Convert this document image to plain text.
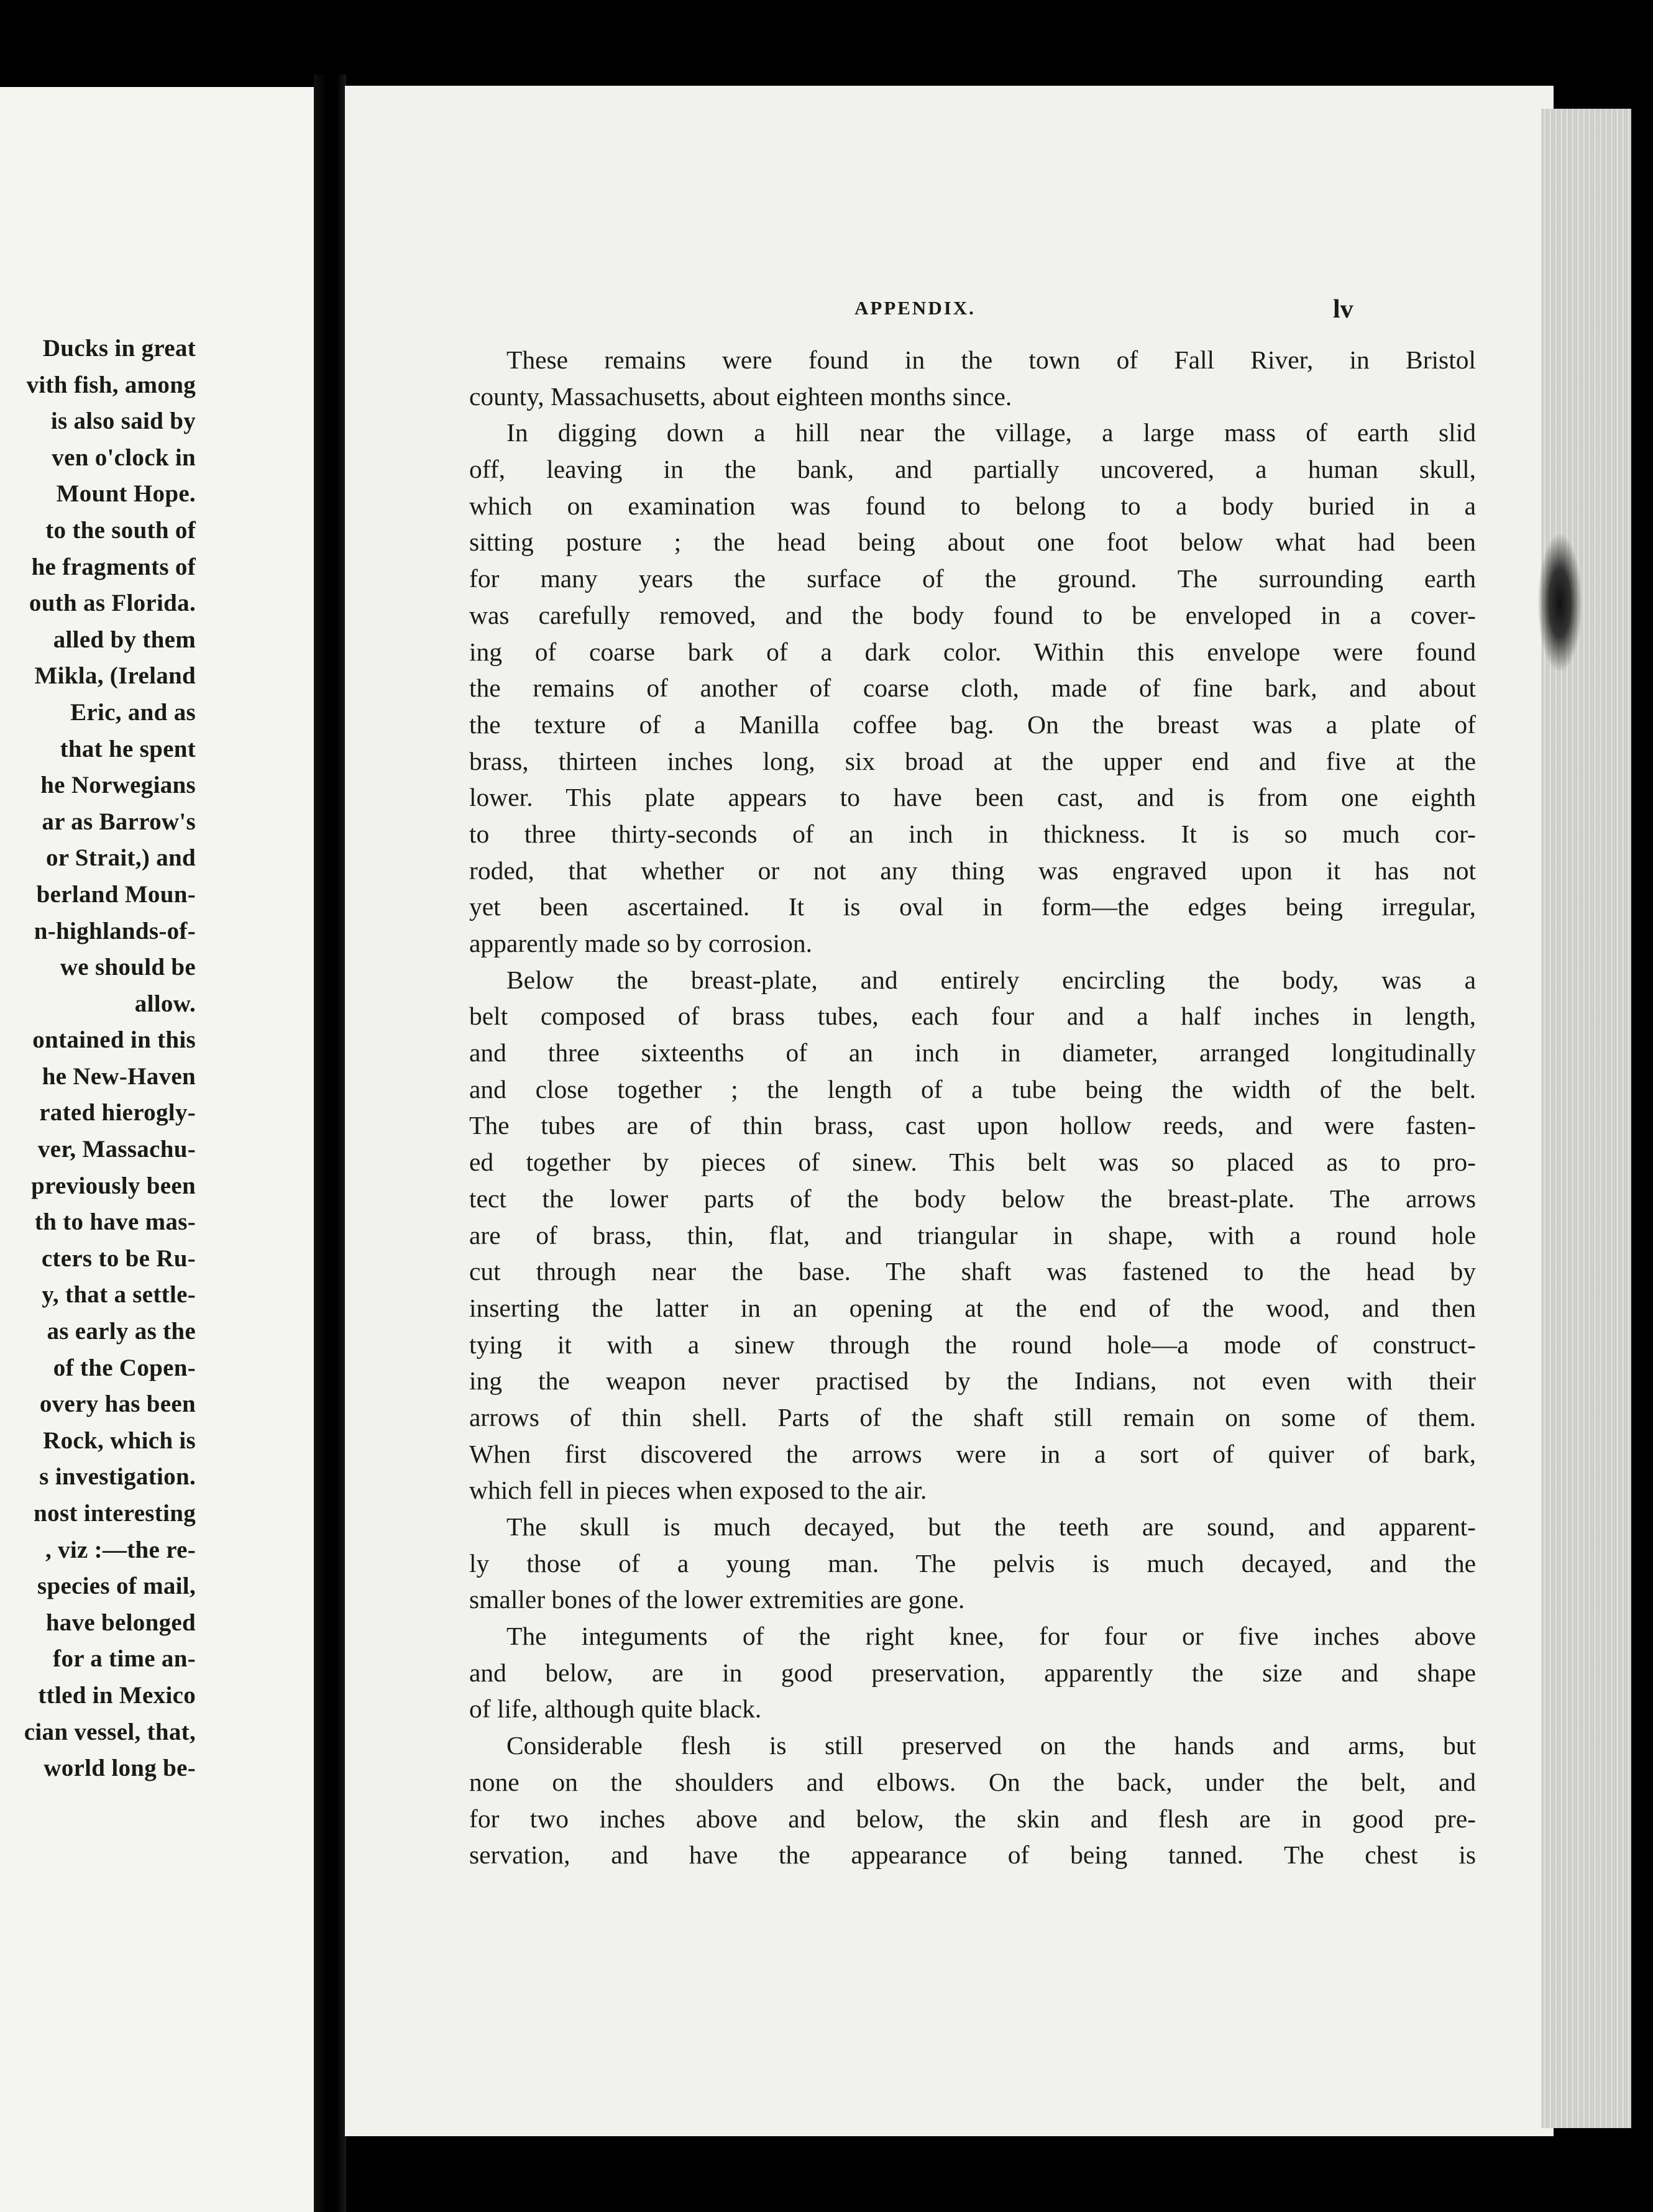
Ducks in great
vith fish, among
is also said by
ven o'clock in
Mount Hope.
to the south of
he fragments of
outh as Florida.
alled by them
Mikla, (Ireland
Eric, and as
that he spent
he Norwegians
ar as Barrow's
or Strait,) and
berland Moun-
n-highlands-of-
we should be
allow.
ontained in this
he New-Haven
rated hierogly-
ver, Massachu-
previously been
th to have mas-
cters to be Ru-
y, that a settle-
as early as the
of the Copen-
overy has been
Rock, which is
s investigation.
nost interesting
, viz :—the re-
species of mail,
have belonged
for a time an-
ttled in Mexico
cian vessel, that,
world long be-
APPENDIX.	lv
These remains were found in the town of Fall River, in Bristol
county, Massachusetts, about eighteen months since.
In digging down a hill near the village, a large mass of earth slid
off, leaving in the bank, and partially uncovered, a human skull,
which on examination was found to belong to a body buried in a
sitting posture ; the head being about one foot below what had been
for many years the surface of the ground. The surrounding earth
was carefully removed, and the body found to be enveloped in a cover-
ing of coarse bark of a dark color. Within this envelope were found
the remains of another of coarse cloth, made of fine bark, and about
the texture of a Manilla coffee bag. On the breast was a plate of
brass, thirteen inches long, six broad at the upper end and five at the
lower. This plate appears to have been cast, and is from one eighth
to three thirty-seconds of an inch in thickness. It is so much cor-
roded, that whether or not any thing was engraved upon it has not
yet been ascertained. It is oval in form—the edges being irregular,
apparently made so by corrosion.
Below the breast-plate, and entirely encircling the body, was a
belt composed of brass tubes, each four and a half inches in length,
and three sixteenths of an inch in diameter, arranged longitudinally
and close together ; the length of a tube being the width of the belt.
The tubes are of thin brass, cast upon hollow reeds, and were fasten-
ed together by pieces of sinew. This belt was so placed as to pro-
tect the lower parts of the body below the breast-plate. The arrows
are of brass, thin, flat, and triangular in shape, with a round hole
cut through near the base. The shaft was fastened to the head by
inserting the latter in an opening at the end of the wood, and then
tying it with a sinew through the round hole—a mode of construct-
ing the weapon never practised by the Indians, not even with their
arrows of thin shell. Parts of the shaft still remain on some of them.
When first discovered the arrows were in a sort of quiver of bark,
which fell in pieces when exposed to the air.
The skull is much decayed, but the teeth are sound, and apparent-
ly those of a young man. The pelvis is much decayed, and the
smaller bones of the lower extremities are gone.
The integuments of the right knee, for four or five inches above
and below, are in good preservation, apparently the size and shape
of life, although quite black.
Considerable flesh is still preserved on the hands and arms, but
none on the shoulders and elbows. On the back, under the belt, and
for two inches above and below, the skin and flesh are in good pre-
servation, and have the appearance of being tanned. The chest is
